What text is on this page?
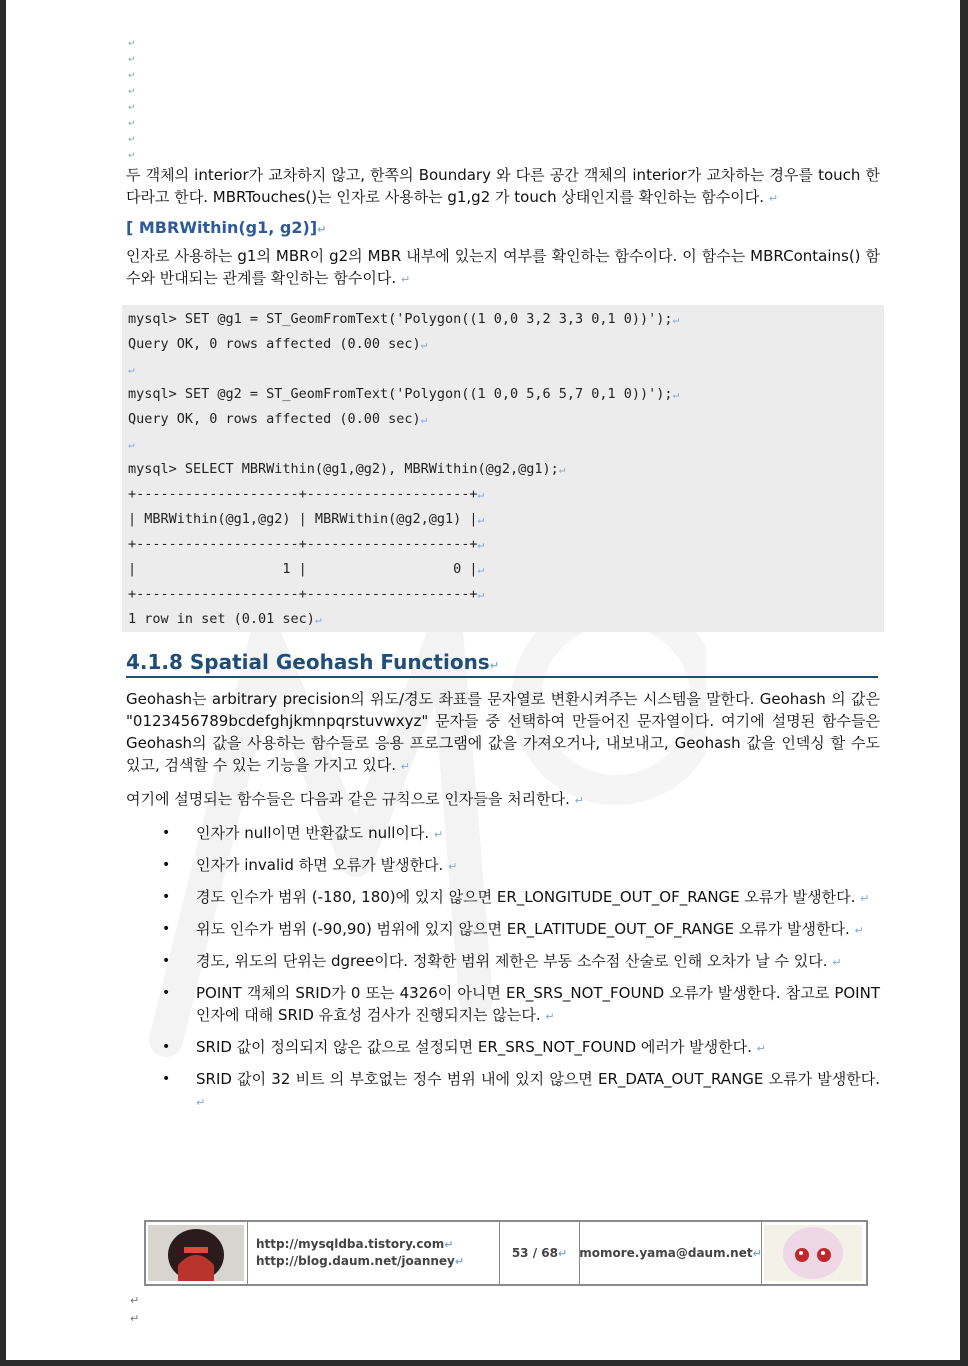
↵
↵
↵
↵
↵
↵
↵
↵

두 객체의 interior가 교차하지 않고, 한쪽의 Boundary 와 다른 공간 객체의 interior가 교차하는 경우를 touch 한다라고 한다. MBRTouches()는 인자로 사용하는 g1,g2 가 touch 상태인지를 확인하는 함수이다. ↵

[ MBRWithin(g1, g2)]↵

인자로 사용하는 g1의 MBR이 g2의 MBR 내부에 있는지 여부를 확인하는 함수이다. 이 함수는 MBRContains() 함수와 반대되는 관계를 확인하는 함수이다. ↵

mysql> SET @g1 = ST_GeomFromText('Polygon((1 0,0 3,2 3,3 0,1 0))');↵
Query OK, 0 rows affected (0.00 sec)↵
↵
mysql> SET @g2 = ST_GeomFromText('Polygon((1 0,0 5,6 5,7 0,1 0))');↵
Query OK, 0 rows affected (0.00 sec)↵
↵
mysql> SELECT MBRWithin(@g1,@g2), MBRWithin(@g2,@g1);↵
+--------------------+--------------------+↵
| MBRWithin(@g1,@g2) | MBRWithin(@g2,@g1) |↵
+--------------------+--------------------+↵
|                  1 |                  0 |↵
+--------------------+--------------------+↵
1 row in set (0.01 sec)↵
4.1.8 Spatial Geohash Functions↵

Geohash는 arbitrary precision의 위도/경도 좌표를 문자열로 변환시켜주는 시스템을 말한다. Geohash 의 값은 "0123456789bcdefghjkmnpqrstuvwxyz" 문자들 중 선택하여 만들어진 문자열이다. 여기에 설명된 함수들은 Geohash의 값을 사용하는 함수들로 응용 프로그램에 값을 가져오거나, 내보내고, Geohash 값을 인덱싱 할 수도 있고, 검색할 수 있는 기능을 가지고 있다. ↵

여기에 설명되는 함수들은 다음과 같은 규칙으로 인자들을 처리한다. ↵

• 인자가 null이면 반환값도 null이다. ↵
• 인자가 invalid 하면 오류가 발생한다. ↵
• 경도 인수가 범위 (-180, 180)에 있지 않으면 ER_LONGITUDE_OUT_OF_RANGE 오류가 발생한다. ↵
• 위도 인수가 범위 (-90,90) 범위에 있지 않으면 ER_LATITUDE_OUT_OF_RANGE 오류가 발생한다. ↵
• 경도, 위도의 단위는 dgree이다. 정확한 범위 제한은 부동 소수점 산술로 인해 오차가 날 수 있다. ↵
• POINT 객체의 SRID가 0 또는 4326이 아니면 ER_SRS_NOT_FOUND 오류가 발생한다. 참고로 POINT 인자에 대해 SRID 유효성 검사가 진행되지는 않는다. ↵
• SRID 값이 정의되지 않은 값으로 설정되면 ER_SRS_NOT_FOUND 에러가 발생한다. ↵
• SRID 값이 32 비트 의 부호없는 정수 범위 내에 있지 않으면 ER_DATA_OUT_RANGE 오류가 발생한다. ↵
http://mysqldba.tistory.com↵
http://blog.daum.net/joanney↵
53 / 68 ↵ momore.yama@daum.net ↵
↵
↵
